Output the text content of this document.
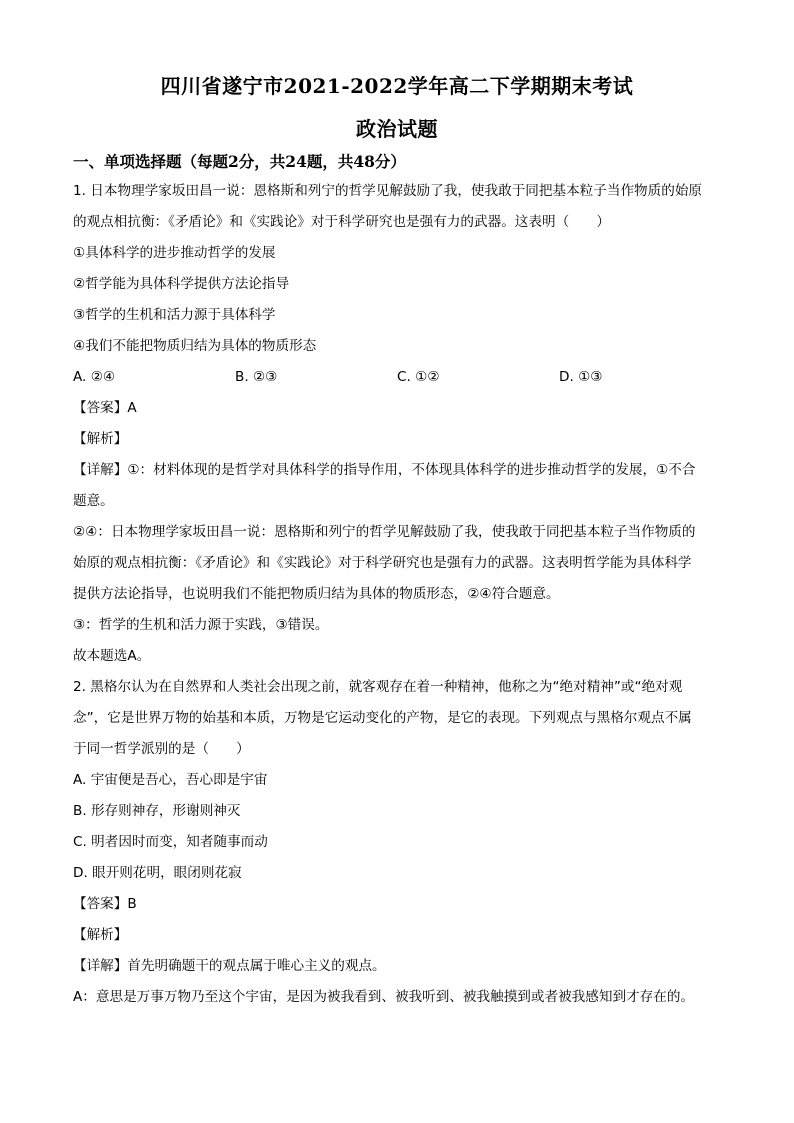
四川省遂宁市2021-2022学年高二下学期期末考试
政治试题
一、单项选择题（每题2分，共24题，共48分）
1. 日本物理学家坂田昌一说：恩格斯和列宁的哲学见解鼓励了我，使我敢于同把基本粒子当作物质的始原
的观点相抗衡：《矛盾论》和《实践论》对于科学研究也是强有力的武器。这表明（　　）
①具体科学的进步推动哲学的发展
②哲学能为具体科学提供方法论指导
③哲学的生机和活力源于具体科学
④我们不能把物质归结为具体的物质形态
A. ②④	B. ②③	C. ①②	D. ①③
【答案】A
【解析】
【详解】①：材料体现的是哲学对具体科学的指导作用，不体现具体科学的进步推动哲学的发展，①不合
题意。
②④：日本物理学家坂田昌一说：恩格斯和列宁的哲学见解鼓励了我，使我敢于同把基本粒子当作物质的
始原的观点相抗衡：《矛盾论》和《实践论》对于科学研究也是强有力的武器。这表明哲学能为具体科学
提供方法论指导，也说明我们不能把物质归结为具体的物质形态，②④符合题意。
③：哲学的生机和活力源于实践，③错误。
故本题选A。
2. 黑格尔认为在自然界和人类社会出现之前，就客观存在着一种精神，他称之为“绝对精神”或“绝对观
念”，它是世界万物的始基和本质，万物是它运动变化的产物，是它的表现。下列观点与黑格尔观点不属
于同一哲学派别的是（　　）
A. 宇宙便是吾心，吾心即是宇宙
B. 形存则神存，形谢则神灭
C. 明者因时而变，知者随事而动
D. 眼开则花明，眼闭则花寂
【答案】B
【解析】
【详解】首先明确题干的观点属于唯心主义的观点。
A：意思是万事万物乃至这个宇宙，是因为被我看到、被我听到、被我触摸到或者被我感知到才存在的。
